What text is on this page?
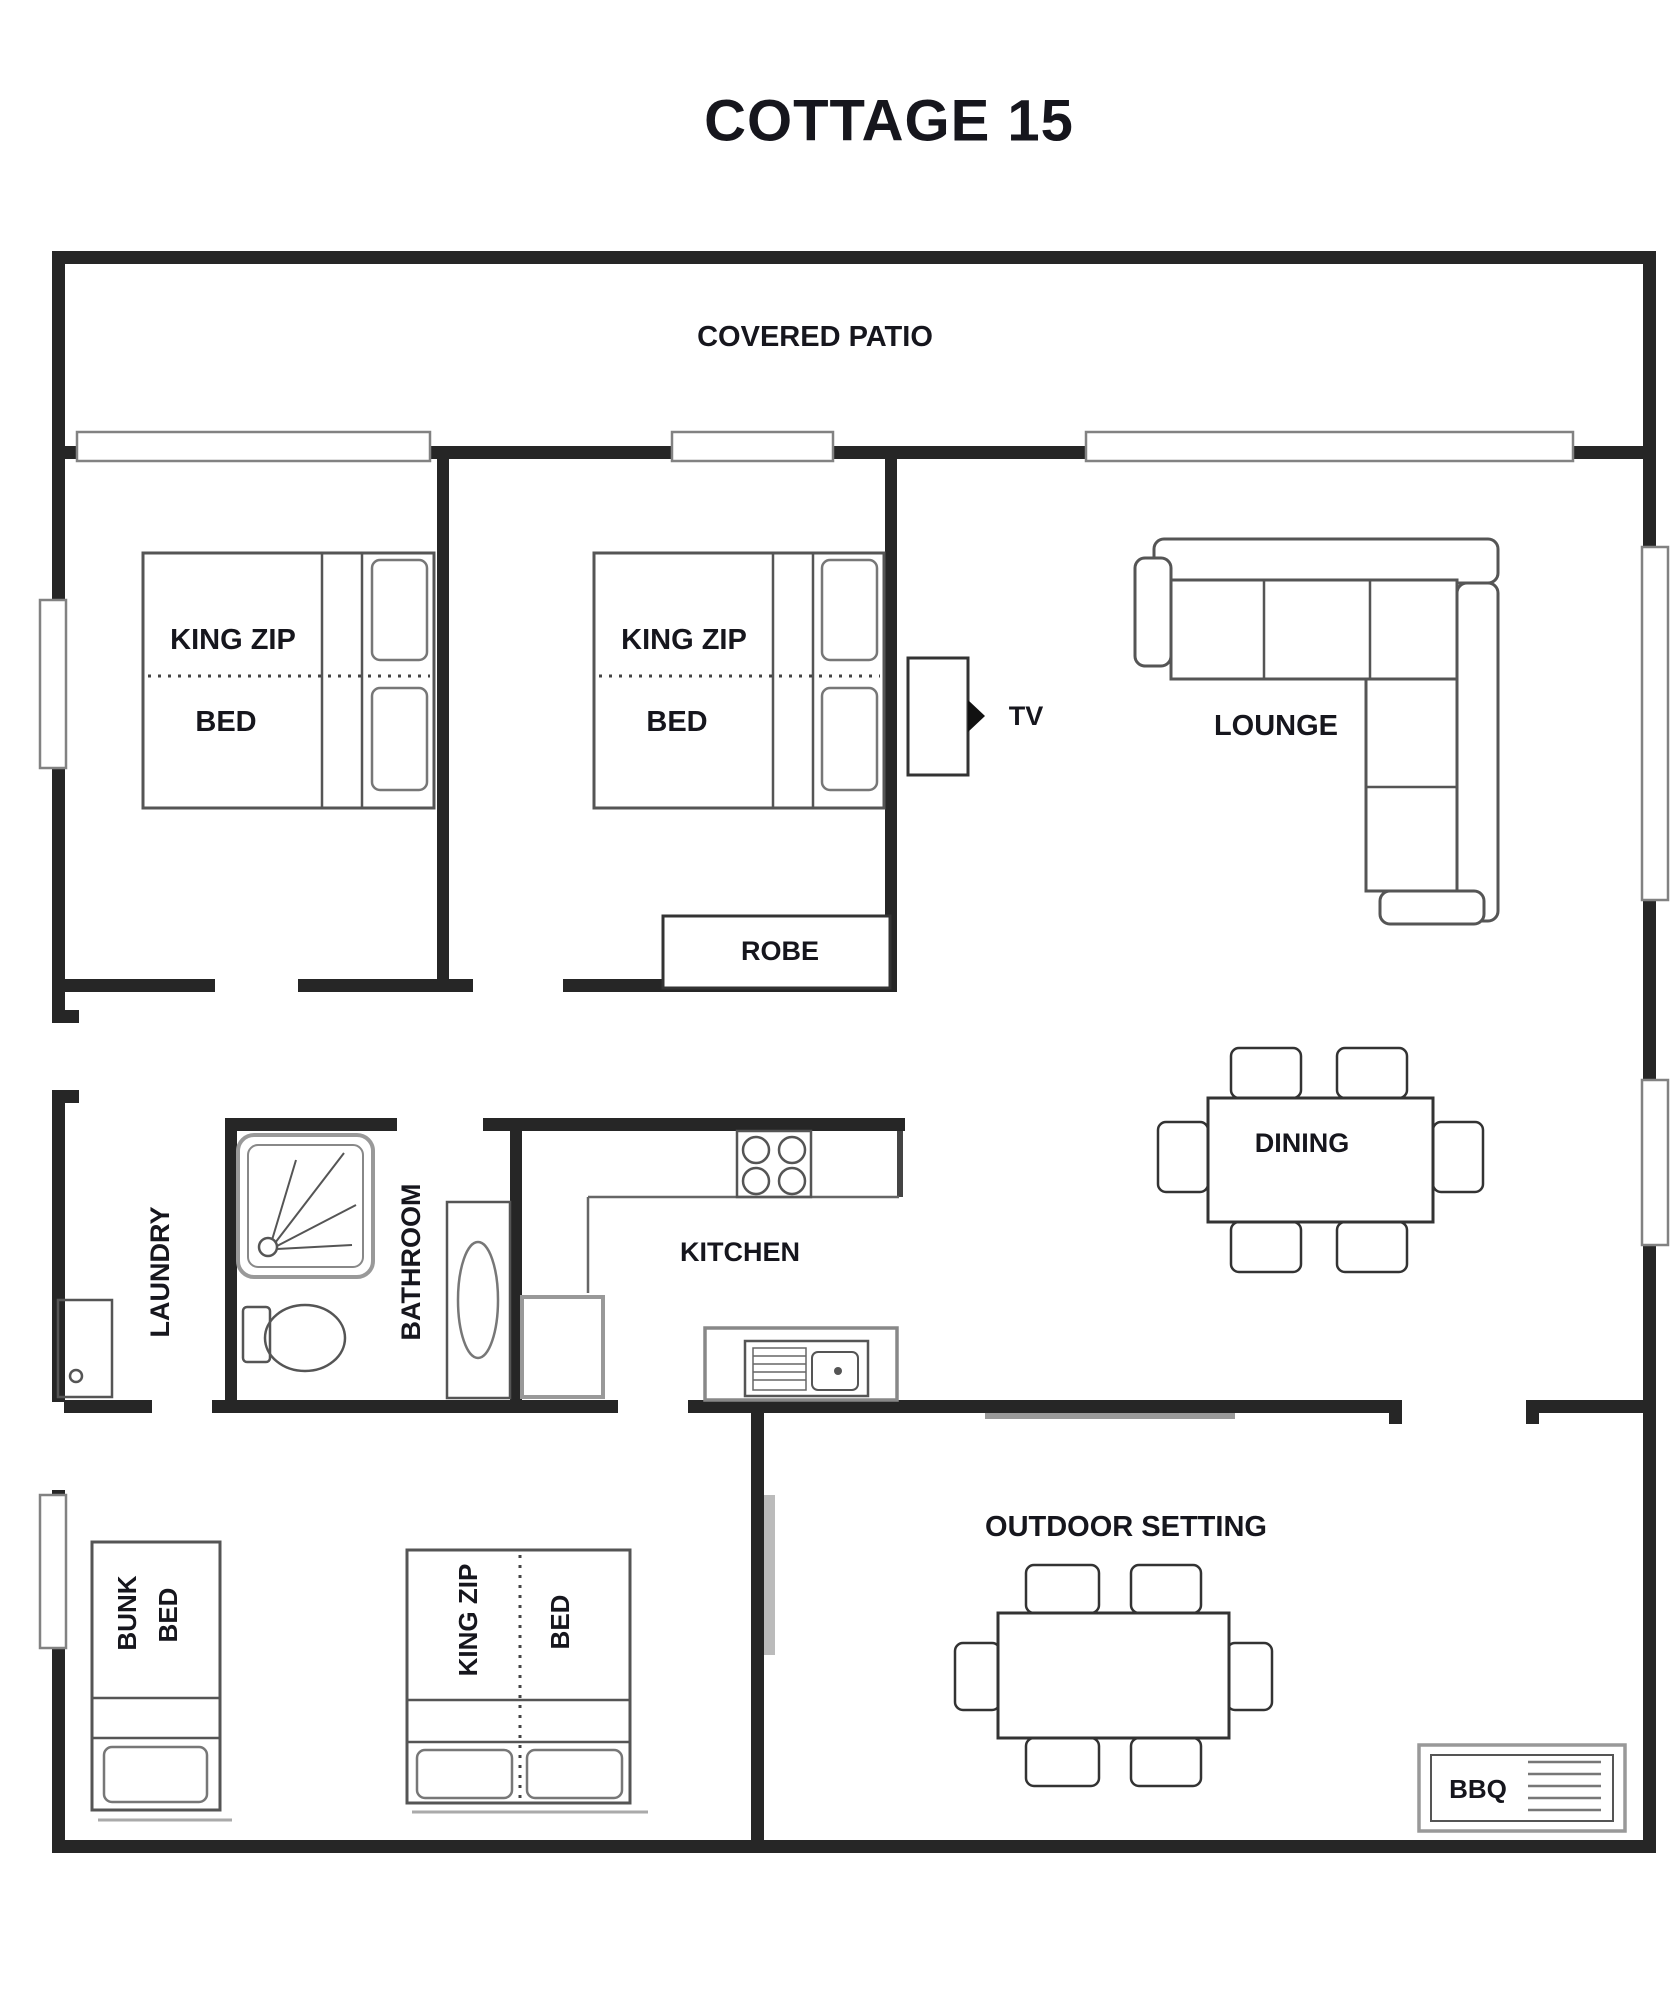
COTTAGE 15
COVERED PATIO
KING ZIP
BED
KING ZIP
BED
ROBE
TV	LOUNGE
DINING
LAUNDRY	BATHROOM	KITCHEN
BUNK BED	KING ZIP BED
OUTDOOR SETTING
BBQ
